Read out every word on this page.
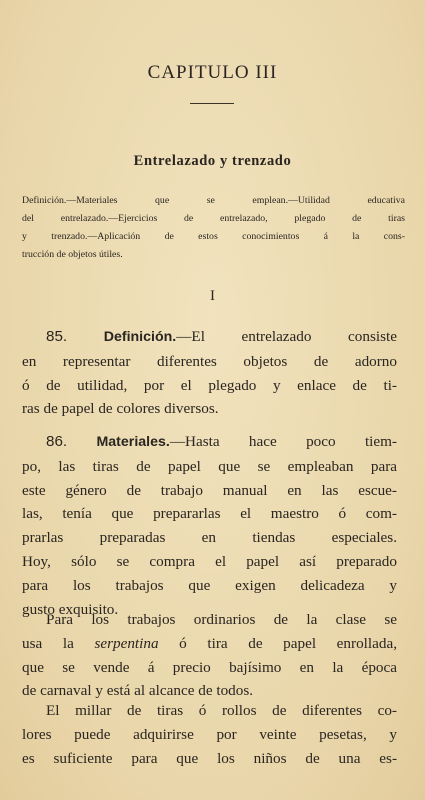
CAPITULO III
Entrelazado y trenzado
Definición.—Materiales que se emplean.—Utilidad educativa
del entrelazado.—Ejercicios de entrelazado, plegado de tiras
y trenzado.—Aplicación de estos conocimientos á la cons-
trucción de objetos útiles.
I
85.	Definición.—El entrelazado consiste
en representar diferentes objetos de adorno
ó de utilidad, por el plegado y enlace de ti-
ras de papel de colores diversos.
86. Materiales.—Hasta hace poco tiem-
po, las tiras de papel que se empleaban para
este género de trabajo manual en las escue-
las, tenía que prepararlas el maestro ó com-
prarlas preparadas en tiendas especiales.
Hoy, sólo se compra el papel así preparado
para los trabajos que exigen delicadeza y
gusto exquisito.
Para los trabajos ordinarios de la clase se
usa la serpentina ó tira de papel enrollada,
que se vende á precio bajísimo en la época
de carnaval y está al alcance de todos.
El millar de tiras ó rollos de diferentes co-
lores puede adquirirse por veinte pesetas, y
es suficiente para que los niños de una es-
